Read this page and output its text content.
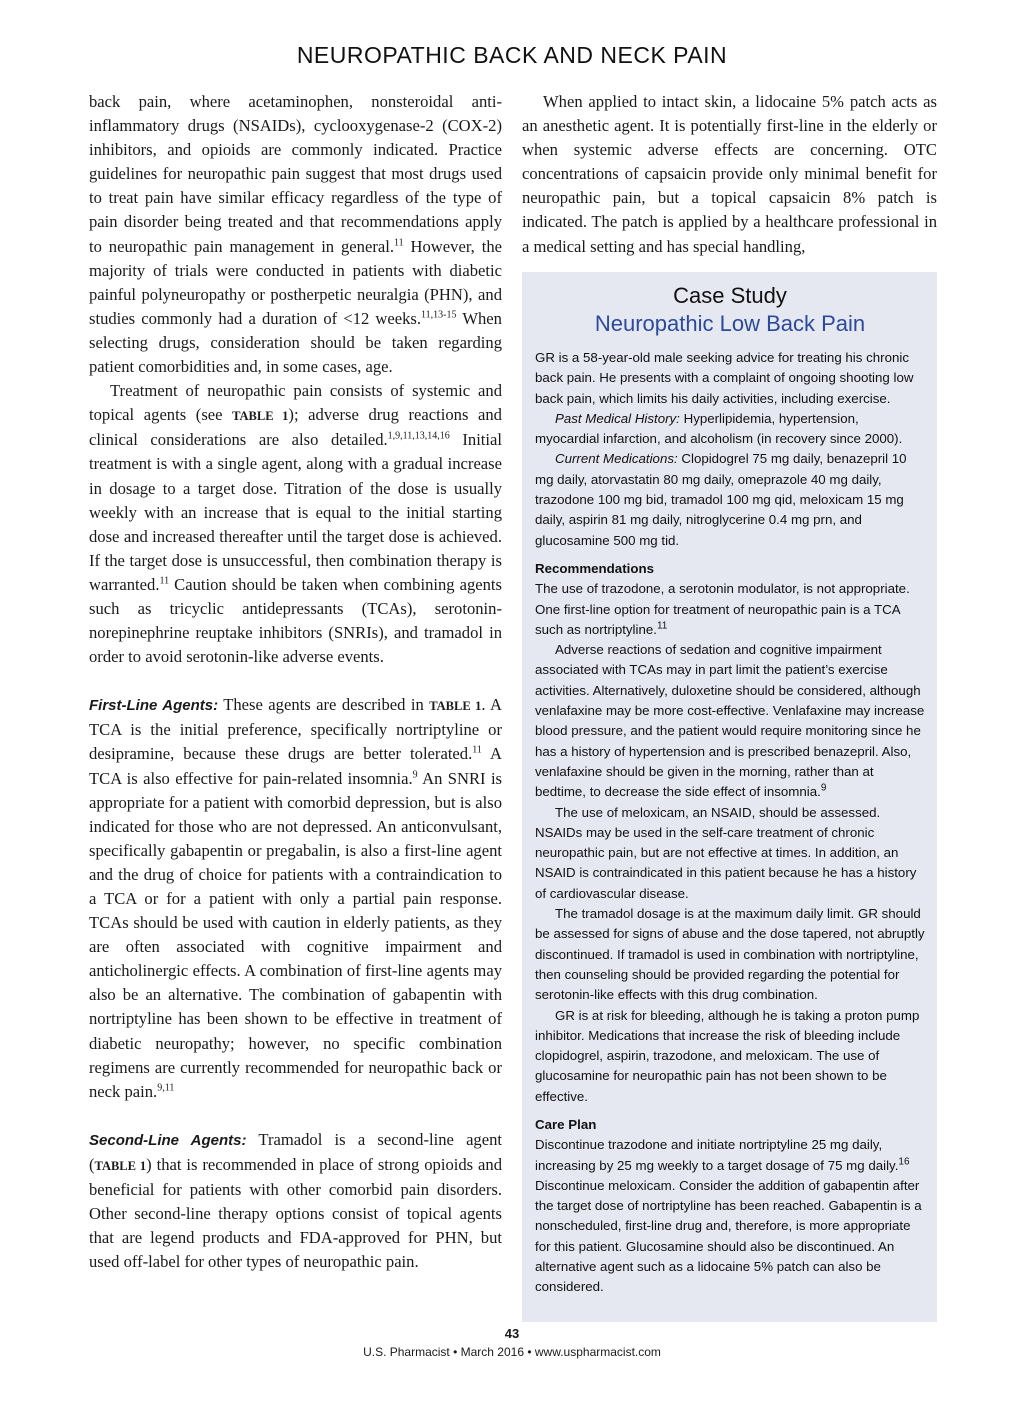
NEUROPATHIC BACK AND NECK PAIN

back pain, where acetaminophen, nonsteroidal anti-inflammatory drugs (NSAIDs), cyclooxygenase-2 (COX-2) inhibitors, and opioids are commonly indicated. Practice guidelines for neuropathic pain suggest that most drugs used to treat pain have similar efficacy regardless of the type of pain disorder being treated and that recommendations apply to neuropathic pain management in general.$^{11}$ However, the majority of trials were conducted in patients with diabetic painful polyneuropathy or postherpetic neuralgia (PHN), and studies commonly had a duration of <12 weeks.$^{11,13-15}$ When selecting drugs, consideration should be taken regarding patient comorbidities and, in some cases, age.

Treatment of neuropathic pain consists of systemic and topical agents (see TABLE 1); adverse drug reactions and clinical considerations are also detailed.$^{1,9,11,13,14,16}$ Initial treatment is with a single agent, along with a gradual increase in dosage to a target dose. Titration of the dose is usually weekly with an increase that is equal to the initial starting dose and increased thereafter until the target dose is achieved. If the target dose is unsuccessful, then combination therapy is warranted.$^{11}$ Caution should be taken when combining agents such as tricyclic antidepressants (TCAs), serotonin-norepinephrine reuptake inhibitors (SNRIs), and tramadol in order to avoid serotonin-like adverse events.

First-Line Agents: These agents are described in TABLE 1. A TCA is the initial preference, specifically nortriptyline or desipramine, because these drugs are better tolerated.$^{11}$ A TCA is also effective for pain-related insomnia.$^9$ An SNRI is appropriate for a patient with comorbid depression, but is also indicated for those who are not depressed. An anticonvulsant, specifically gabapentin or pregabalin, is also a first-line agent and the drug of choice for patients with a contraindication to a TCA or for a patient with only a partial pain response. TCAs should be used with caution in elderly patients, as they are often associated with cognitive impairment and anticholinergic effects. A combination of first-line agents may also be an alternative. The combination of gabapentin with nortriptyline has been shown to be effective in treatment of diabetic neuropathy; however, no specific combination regimens are currently recommended for neuropathic back or neck pain.$^{9,11}$

Second-Line Agents: Tramadol is a second-line agent (TABLE 1) that is recommended in place of strong opioids and beneficial for patients with other comorbid pain disorders. Other second-line therapy options consist of topical agents that are legend products and FDA-approved for PHN, but used off-label for other types of neuropathic pain.

When applied to intact skin, a lidocaine 5% patch acts as an anesthetic agent. It is potentially first-line in the elderly or when systemic adverse effects are concerning. OTC concentrations of capsaicin provide only minimal benefit for neuropathic pain, but a topical capsaicin 8% patch is indicated. The patch is applied by a healthcare professional in a medical setting and has special handling,

Case Study
Neuropathic Low Back Pain

GR is a 58-year-old male seeking advice for treating his chronic back pain. He presents with a complaint of ongoing shooting low back pain, which limits his daily activities, including exercise.

Past Medical History: Hyperlipidemia, hypertension, myocardial infarction, and alcoholism (in recovery since 2000).

Current Medications: Clopidogrel 75 mg daily, benazepril 10 mg daily, atorvastatin 80 mg daily, omeprazole 40 mg daily, trazodone 100 mg bid, tramadol 100 mg qid, meloxicam 15 mg daily, aspirin 81 mg daily, nitroglycerine 0.4 mg prn, and glucosamine 500 mg tid.

Recommendations

The use of trazodone, a serotonin modulator, is not appropriate. One first-line option for treatment of neuropathic pain is a TCA such as nortriptyline.$^{11}$

Adverse reactions of sedation and cognitive impairment associated with TCAs may in part limit the patient’s exercise activities. Alternatively, duloxetine should be considered, although venlafaxine may be more cost-effective. Venlafaxine may increase blood pressure, and the patient would require monitoring since he has a history of hypertension and is prescribed benazepril. Also, venlafaxine should be given in the morning, rather than at bedtime, to decrease the side effect of insomnia.$^9$

The use of meloxicam, an NSAID, should be assessed. NSAIDs may be used in the self-care treatment of chronic neuropathic pain, but are not effective at times. In addition, an NSAID is contraindicated in this patient because he has a history of cardiovascular disease.

The tramadol dosage is at the maximum daily limit. GR should be assessed for signs of abuse and the dose tapered, not abruptly discontinued. If tramadol is used in combination with nortriptyline, then counseling should be provided regarding the potential for serotonin-like effects with this drug combination.

GR is at risk for bleeding, although he is taking a proton pump inhibitor. Medications that increase the risk of bleeding include clopidogrel, aspirin, trazodone, and meloxicam. The use of glucosamine for neuropathic pain has not been shown to be effective.

Care Plan

Discontinue trazodone and initiate nortriptyline 25 mg daily, increasing by 25 mg weekly to a target dosage of 75 mg daily.$^{16}$ Discontinue meloxicam. Consider the addition of gabapentin after the target dose of nortriptyline has been reached. Gabapentin is a nonscheduled, first-line drug and, therefore, is more appropriate for this patient. Glucosamine should also be discontinued. An alternative agent such as a lidocaine 5% patch can also be considered.

43
U.S. Pharmacist • March 2016 • www.uspharmacist.com
